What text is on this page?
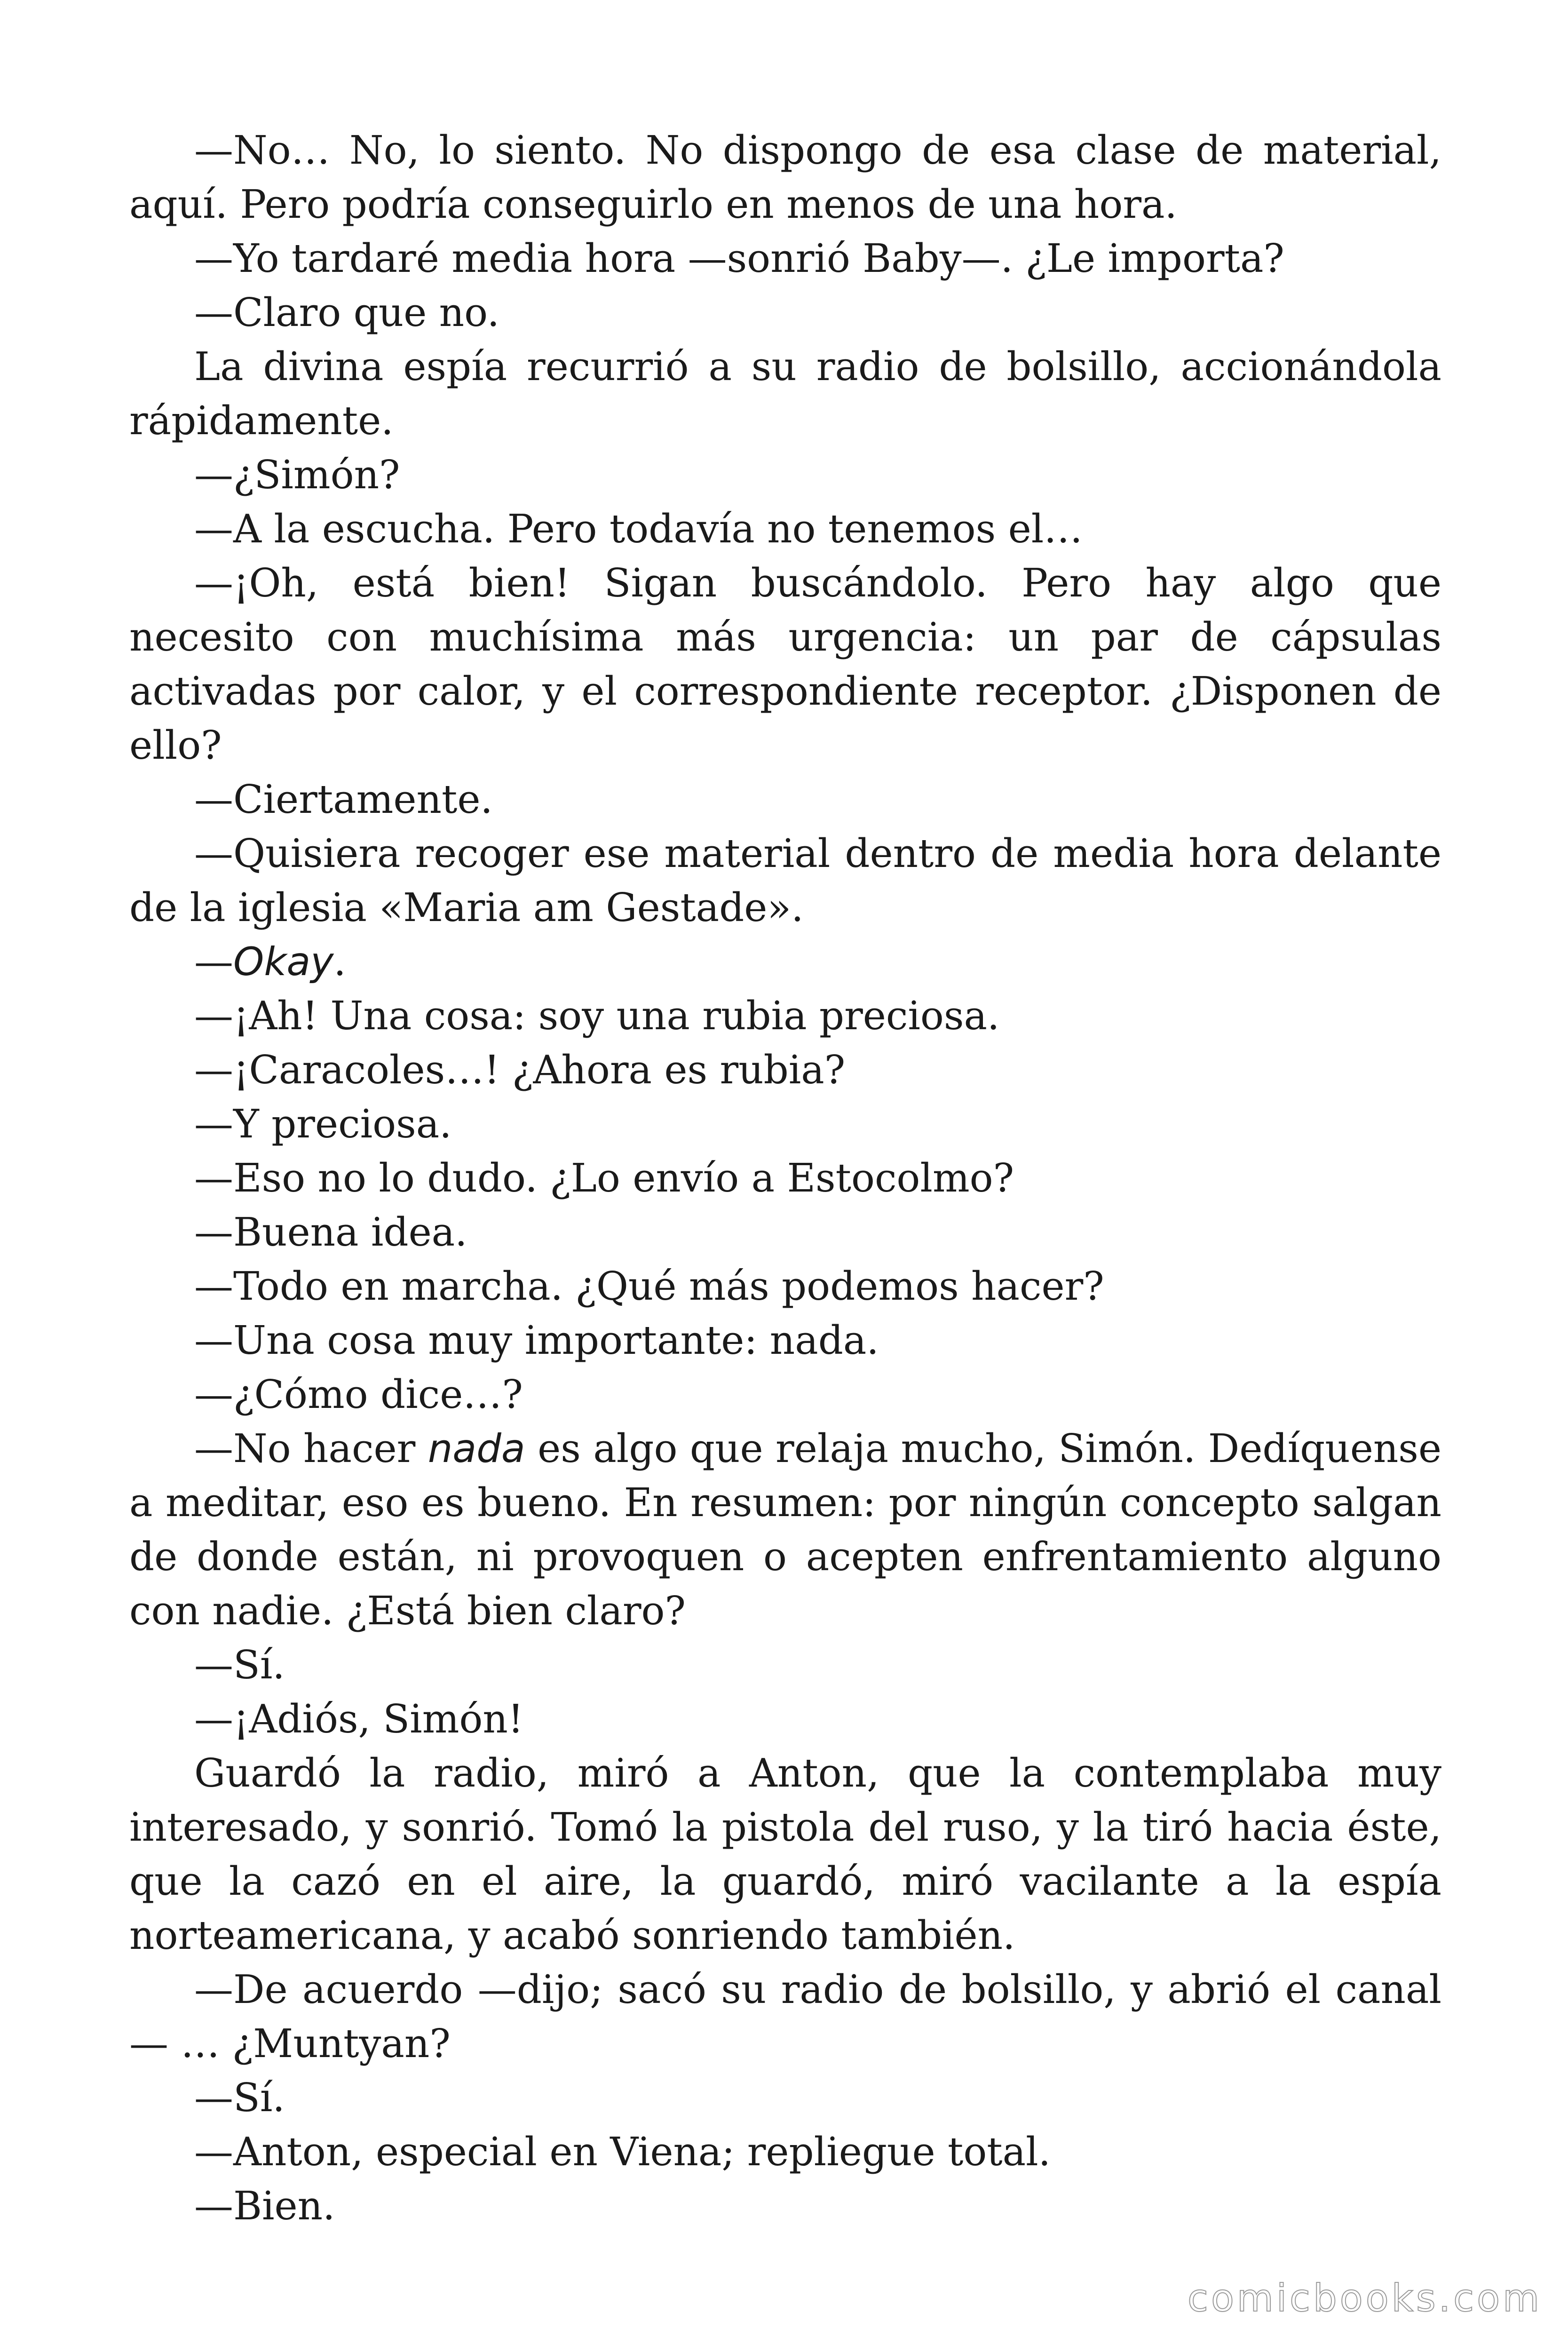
—No… No, lo siento. No dispongo de esa clase de material, aquí. Pero podría conseguirlo en menos de una hora.

—Yo tardaré media hora —sonrió Baby—. ¿Le importa?

—Claro que no.

La divina espía recurrió a su radio de bolsillo, accionándola rápidamente.

—¿Simón?

—A la escucha. Pero todavía no tenemos el…

—¡Oh, está bien! Sigan buscándolo. Pero hay algo que necesito con muchísima más urgencia: un par de cápsulas activadas por calor, y el correspondiente receptor. ¿Disponen de ello?

—Ciertamente.

—Quisiera recoger ese material dentro de media hora delante de la iglesia «Maria am Gestade».

—Okay.

—¡Ah! Una cosa: soy una rubia preciosa.

—¡Caracoles…! ¿Ahora es rubia?

—Y preciosa.

—Eso no lo dudo. ¿Lo envío a Estocolmo?

—Buena idea.

—Todo en marcha. ¿Qué más podemos hacer?

—Una cosa muy importante: nada.

—¿Cómo dice…?

—No hacer nada es algo que relaja mucho, Simón. Dedíquense a meditar, eso es bueno. En resumen: por ningún concepto salgan de donde están, ni provoquen o acepten enfrentamiento alguno con nadie. ¿Está bien claro?

—Sí.

—¡Adiós, Simón!

Guardó la radio, miró a Anton, que la contemplaba muy interesado, y sonrió. Tomó la pistola del ruso, y la tiró hacia éste, que la cazó en el aire, la guardó, miró vacilante a la espía norteamericana, y acabó sonriendo también.

—De acuerdo —dijo; sacó su radio de bolsillo, y abrió el canal— … ¿Muntyan?

—Sí.

—Anton, especial en Viena; repliegue total.

—Bien.

comicbooks.com
